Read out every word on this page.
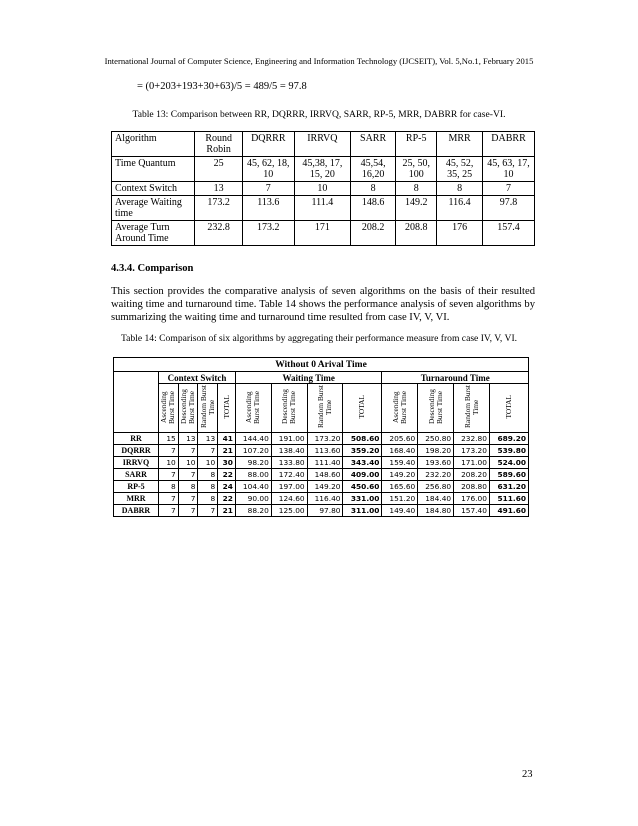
International Journal of Computer Science, Engineering and Information Technology (IJCSEIT), Vol. 5,No.1, February 2015
= (0+203+193+30+63)/5 = 489/5 = 97.8
Table 13: Comparison between RR, DQRRR, IRRVQ, SARR, RP-5, MRR, DABRR for case-VI.
Algorithm	Round Robin	DQRRR	IRRVQ	SARR	RP-5	MRR	DABRR
Time Quantum	25	45, 62, 18, 10	45,38, 17, 15, 20	45,54, 16,20	25, 50, 100	45, 52, 35, 25	45, 63, 17, 10
Context Switch	13	7	10	8	8	8	7
Average Waiting time	173.2	113.6	111.4	148.6	149.2	116.4	97.8
Average Turn Around Time	232.8	173.2	171	208.2	208.8	176	157.4
4.3.4. Comparison
This section provides the comparative analysis of seven algorithms on the basis of their resulted waiting time and turnaround time. Table 14 shows the performance analysis of seven algorithms by summarizing the waiting time and turnaround time resulted from case IV, V, VI.
Table 14: Comparison of six algorithms by aggregating their performance measure from case IV, V, VI.
Without 0 Arival Time												
	Context Switch				Waiting Time				Turnaround Time			
	Ascending Burst Time	Descending Burst Time	Random Burst Time	TOTAL	Ascending Burst Time	Descending Burst Time	Random Burst Time	TOTAL	Ascending Burst Time	Descending Burst Time	Random Burst Time	TOTAL
RR	15	13	13	41	144.40	191.00	173.20	508.60	205.60	250.80	232.80	689.20
DQRRR	7	7	7	21	107.20	138.40	113.60	359.20	168.40	198.20	173.20	539.80
IRRVQ	10	10	10	30	98.20	133.80	111.40	343.40	159.40	193.60	171.00	524.00
SARR	7	7	8	22	88.00	172.40	148.60	409.00	149.20	232.20	208.20	589.60
RP-5	8	8	8	24	104.40	197.00	149.20	450.60	165.60	256.80	208.80	631.20
MRR	7	7	8	22	90.00	124.60	116.40	331.00	151.20	184.40	176.00	511.60
DABRR	7	7	7	21	88.20	125.00	97.80	311.00	149.40	184.80	157.40	491.60
23
